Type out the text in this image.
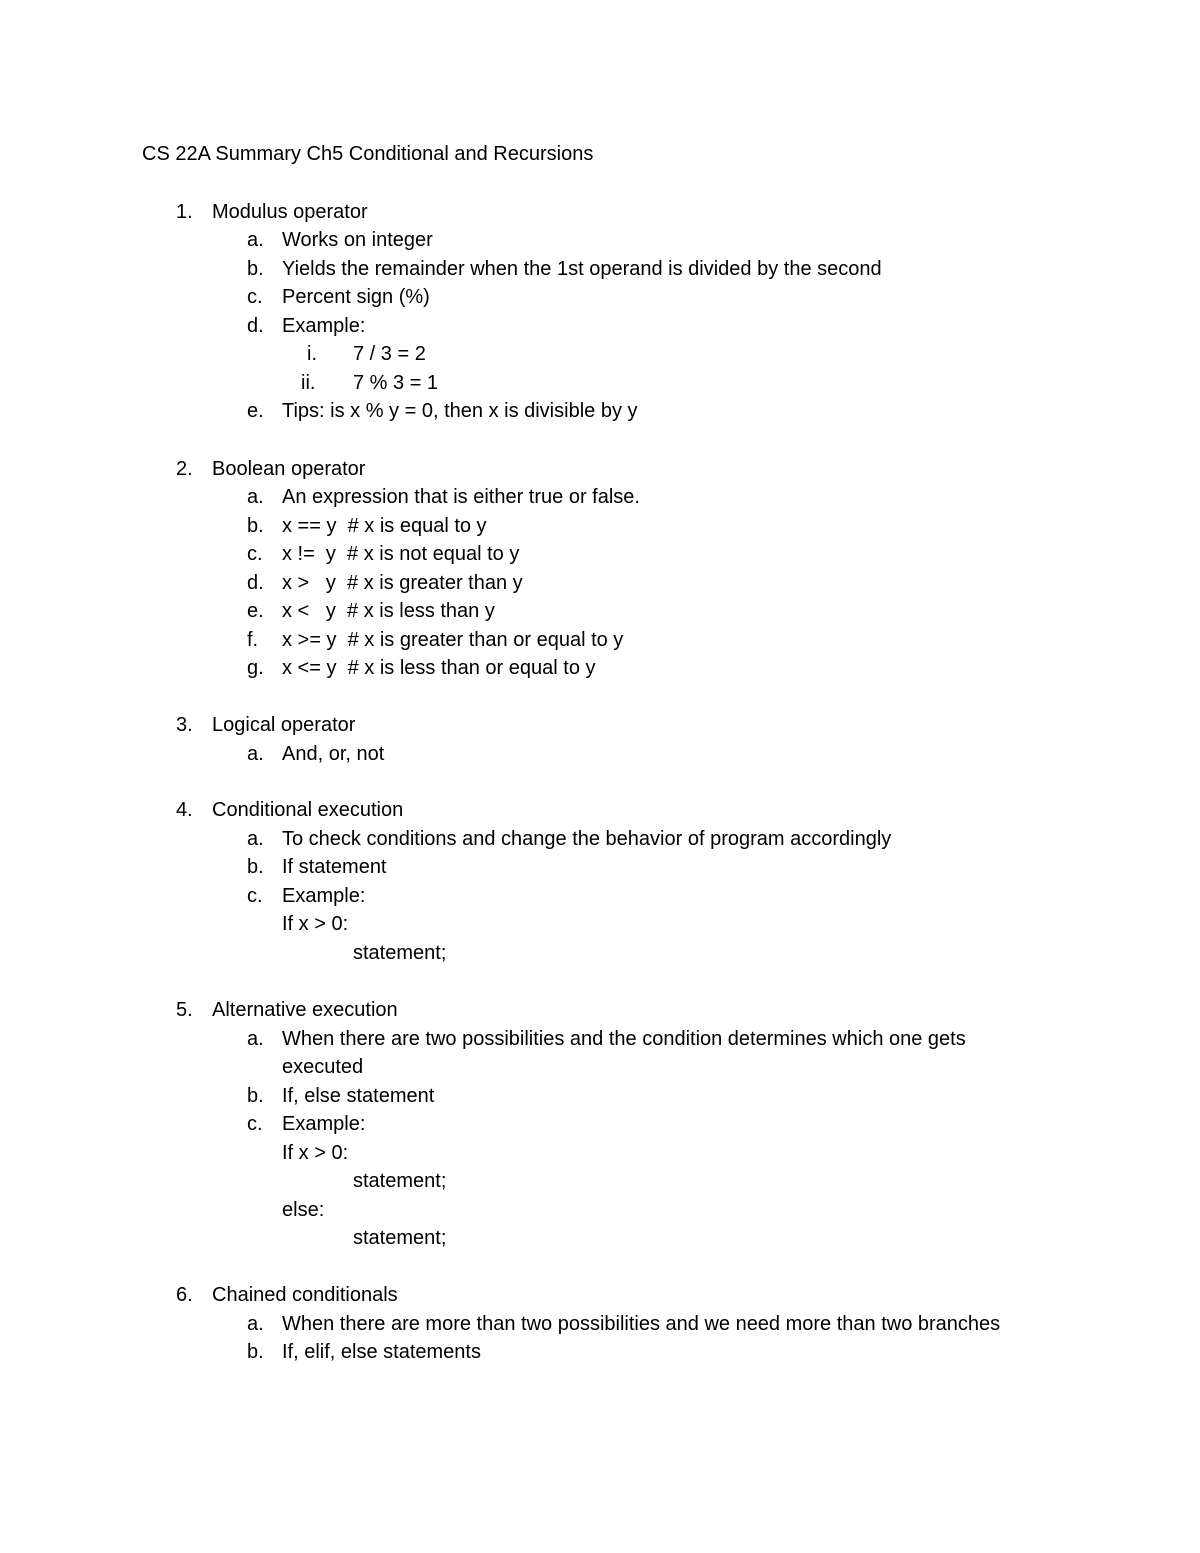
CS 22A Summary Ch5 Conditional and Recursions
1. Modulus operator
a. Works on integer
b. Yields the remainder when the 1st operand is divided by the second
c. Percent sign (%)
d. Example:
i. 7 / 3 = 2
ii. 7 % 3 = 1
e. Tips: is x % y = 0, then x is divisible by y
2. Boolean operator
a. An expression that is either true or false.
b. x == y  # x is equal to y
c. x !=  y  # x is not equal to y
d. x >   y  # x is greater than y
e. x <   y  # x is less than y
f. x >= y  # x is greater than or equal to y
g. x <= y  # x is less than or equal to y
3. Logical operator
a. And, or, not
4. Conditional execution
a. To check conditions and change the behavior of program accordingly
b. If statement
c. Example:
If x > 0:
statement;
5. Alternative execution
a. When there are two possibilities and the condition determines which one gets
executed
b. If, else statement
c. Example:
If x > 0:
statement;
else:
statement;
6. Chained conditionals
a. When there are more than two possibilities and we need more than two branches
b. If, elif, else statements
